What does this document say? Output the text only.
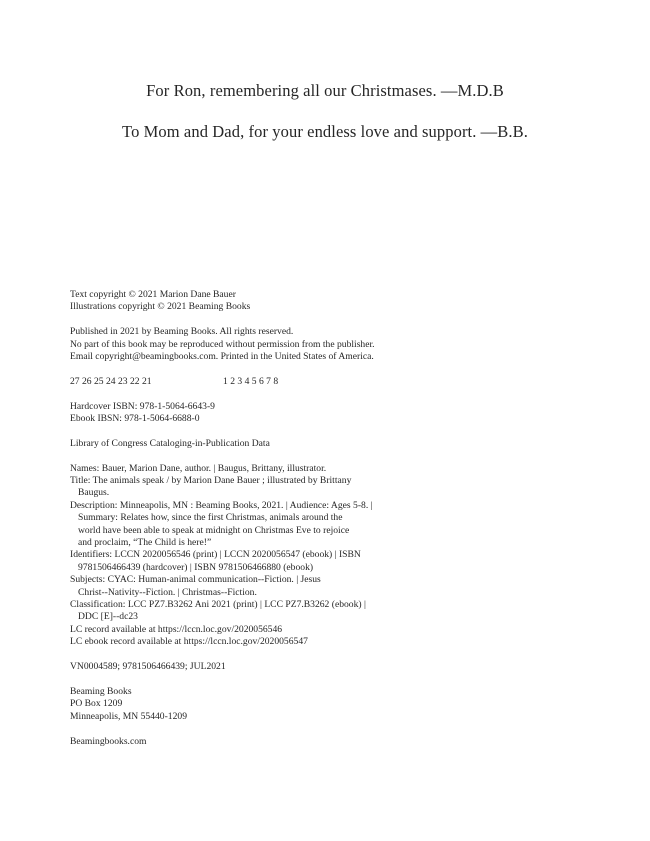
For Ron, remembering all our Christmases. —M.D.B

To Mom and Dad, for your endless love and support. —B.B.

Text copyright © 2021 Marion Dane Bauer
Illustrations copyright © 2021 Beaming Books
Published in 2021 by Beaming Books. All rights reserved.
No part of this book may be reproduced without permission from the publisher.
Email copyright@beamingbooks.com. Printed in the United States of America.
27 26 25 24 23 22 21	1 2 3 4 5 6 7 8
Hardcover ISBN: 978-1-5064-6643-9
Ebook IBSN: 978-1-5064-6688-0
Library of Congress Cataloging-in-Publication Data
Names: Bauer, Marion Dane, author. | Baugus, Brittany, illustrator.
Title: The animals speak / by Marion Dane Bauer ; illustrated by Brittany
Baugus.
Description: Minneapolis, MN : Beaming Books, 2021. | Audience: Ages 5-8. |
Summary: Relates how, since the first Christmas, animals around the
world have been able to speak at midnight on Christmas Eve to rejoice
and proclaim, “The Child is here!”
Identifiers: LCCN 2020056546 (print) | LCCN 2020056547 (ebook) | ISBN
9781506466439 (hardcover) | ISBN 9781506466880 (ebook)
Subjects: CYAC: Human-animal communication--Fiction. | Jesus
Christ--Nativity--Fiction. | Christmas--Fiction.
Classification: LCC PZ7.B3262 Ani 2021 (print) | LCC PZ7.B3262 (ebook) |
DDC [E]--dc23
LC record available at https://lccn.loc.gov/2020056546
LC ebook record available at https://lccn.loc.gov/2020056547
VN0004589; 9781506466439; JUL2021
Beaming Books
PO Box 1209
Minneapolis, MN 55440-1209
Beamingbooks.com
